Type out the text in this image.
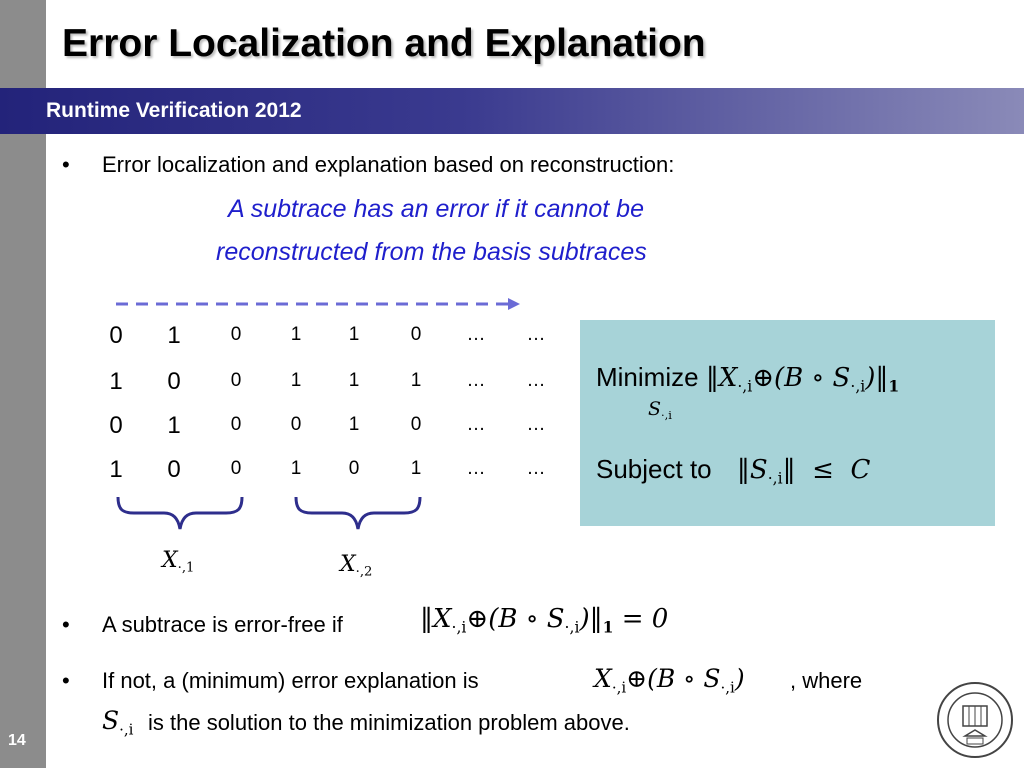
Error Localization and Explanation
Runtime Verification 2012
• Error localization and explanation based on reconstruction:
A subtrace has an error if it cannot be
reconstructed from the basis subtraces
0	1	0	1	1	0	…	…
1	0	0	1	1	1	…	…
0	1	0	0	1	0	…	…
1	0	0	1	0	1	…	…
$X_{\cdot,1}$	$X_{\cdot,2}$
Minimize $‖X_{\cdot,i}\oplus(B$ ∘ $S_{\cdot,i})‖_1$
$S_{\cdot,i}$
Subject to $‖S_{\cdot,i}‖ \le C$
• A subtrace is error-free if	$‖X_{\cdot,i}\oplus(B$ ∘ $S_{\cdot,i})‖_1 = 0$
• If not, a (minimum) error explanation is	$X_{\cdot,i}\oplus(B$ ∘ $S_{\cdot,i}$) , where
$S_{\cdot,i}$ is the solution to the minimization problem above.
14
